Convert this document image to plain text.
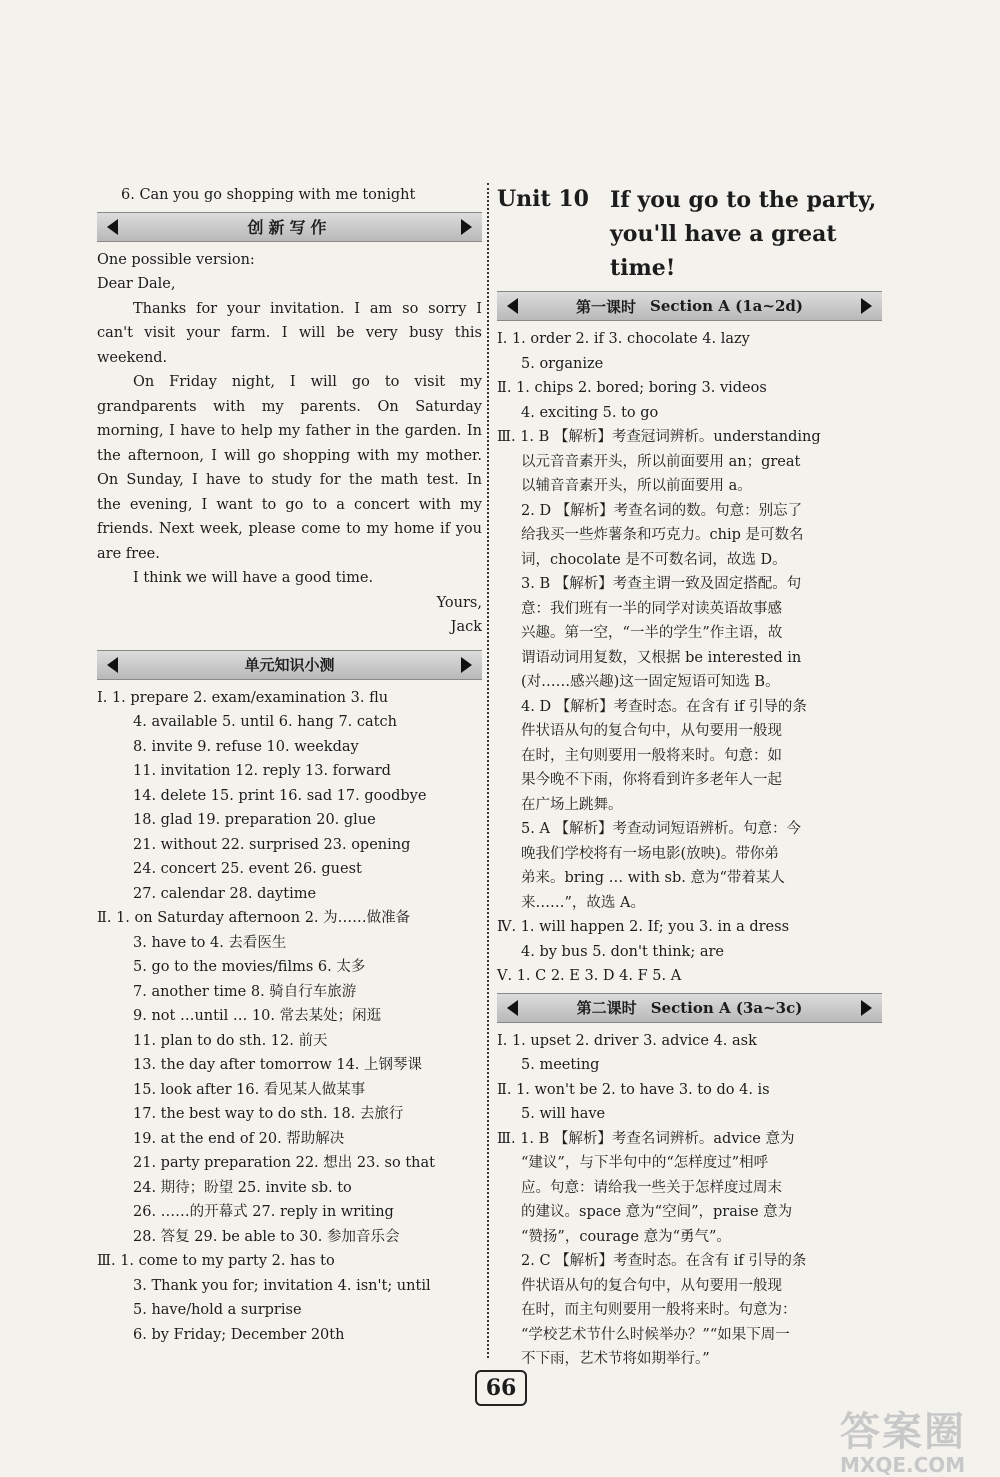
6. Can you go shopping with me tonight
创新写作
One possible version:
Dear Dale,
Thanks for your invitation. I am so sorry I
can't visit your farm. I will be very busy this
weekend.
On Friday night, I will go to visit my
grandparents with my parents. On Saturday
morning, I have to help my father in the garden. In
the afternoon, I will go shopping with my mother.
On Sunday, I have to study for the math test. In
the evening, I want to go to a concert with my
friends. Next week, please come to my home if you
are free.
I think we will have a good time.
Yours,
Jack
单元知识小测
Ⅰ. 1. prepare 2. exam/examination 3. flu
4. available 5. until 6. hang 7. catch
8. invite 9. refuse 10. weekday
11. invitation 12. reply 13. forward
14. delete 15. print 16. sad 17. goodbye
18. glad 19. preparation 20. glue
21. without 22. surprised 23. opening
24. concert 25. event 26. guest
27. calendar 28. daytime
Ⅱ. 1. on Saturday afternoon 2. 为……做准备
3. have to 4. 去看医生
5. go to the movies/films 6. 太多
7. another time 8. 骑自行车旅游
9. not …until … 10. 常去某处；闲逛
11. plan to do sth. 12. 前天
13. the day after tomorrow 14. 上钢琴课
15. look after 16. 看见某人做某事
17. the best way to do sth. 18. 去旅行
19. at the end of 20. 帮助解决
21. party preparation 22. 想出 23. so that
24. 期待；盼望 25. invite sb. to
26. ……的开幕式 27. reply in writing
28. 答复 29. be able to 30. 参加音乐会
Ⅲ. 1. come to my party 2. has to
3. Thank you for; invitation 4. isn't; until
5. have/hold a surprise
6. by Friday; December 20th
Unit 10 If you go to the party,
you'll have a great
time!
第一课时 Section A (1a~2d)
Ⅰ. 1. order 2. if 3. chocolate 4. lazy
5. organize
Ⅱ. 1. chips 2. bored; boring 3. videos
4. exciting 5. to go
Ⅲ. 1. B 【解析】考查冠词辨析。understanding
以元音音素开头，所以前面要用 an；great
以辅音音素开头，所以前面要用 a。
2. D 【解析】考查名词的数。句意：别忘了
给我买一些炸薯条和巧克力。chip 是可数名
词，chocolate 是不可数名词，故选 D。
3. B 【解析】考查主谓一致及固定搭配。句
意：我们班有一半的同学对读英语故事感
兴趣。第一空，“一半的学生”作主语，故
谓语动词用复数，又根据 be interested in
(对……感兴趣)这一固定短语可知选 B。
4. D 【解析】考查时态。在含有 if 引导的条
件状语从句的复合句中，从句要用一般现
在时，主句则要用一般将来时。句意：如
果今晚不下雨，你将看到许多老年人一起
在广场上跳舞。
5. A 【解析】考查动词短语辨析。句意：今
晚我们学校将有一场电影(放映)。带你弟
弟来。bring … with sb. 意为“带着某人
来……”，故选 A。
Ⅳ. 1. will happen 2. If; you 3. in a dress
4. by bus 5. don't think; are
Ⅴ. 1. C 2. E 3. D 4. F 5. A
第二课时 Section A (3a~3c)
Ⅰ. 1. upset 2. driver 3. advice 4. ask
5. meeting
Ⅱ. 1. won't be 2. to have 3. to do 4. is
5. will have
Ⅲ. 1. B 【解析】考查名词辨析。advice 意为
“建议”，与下半句中的“怎样度过”相呼
应。句意：请给我一些关于怎样度过周末
的建议。space 意为“空间”，praise 意为
“赞扬”，courage 意为“勇气”。
2. C 【解析】考查时态。在含有 if 引导的条
件状语从句的复合句中，从句要用一般现
在时，而主句则要用一般将来时。句意为：
“学校艺术节什么时候举办？”“如果下周一
不下雨，艺术节将如期举行。”
66
答案圈
MXQE.COM
